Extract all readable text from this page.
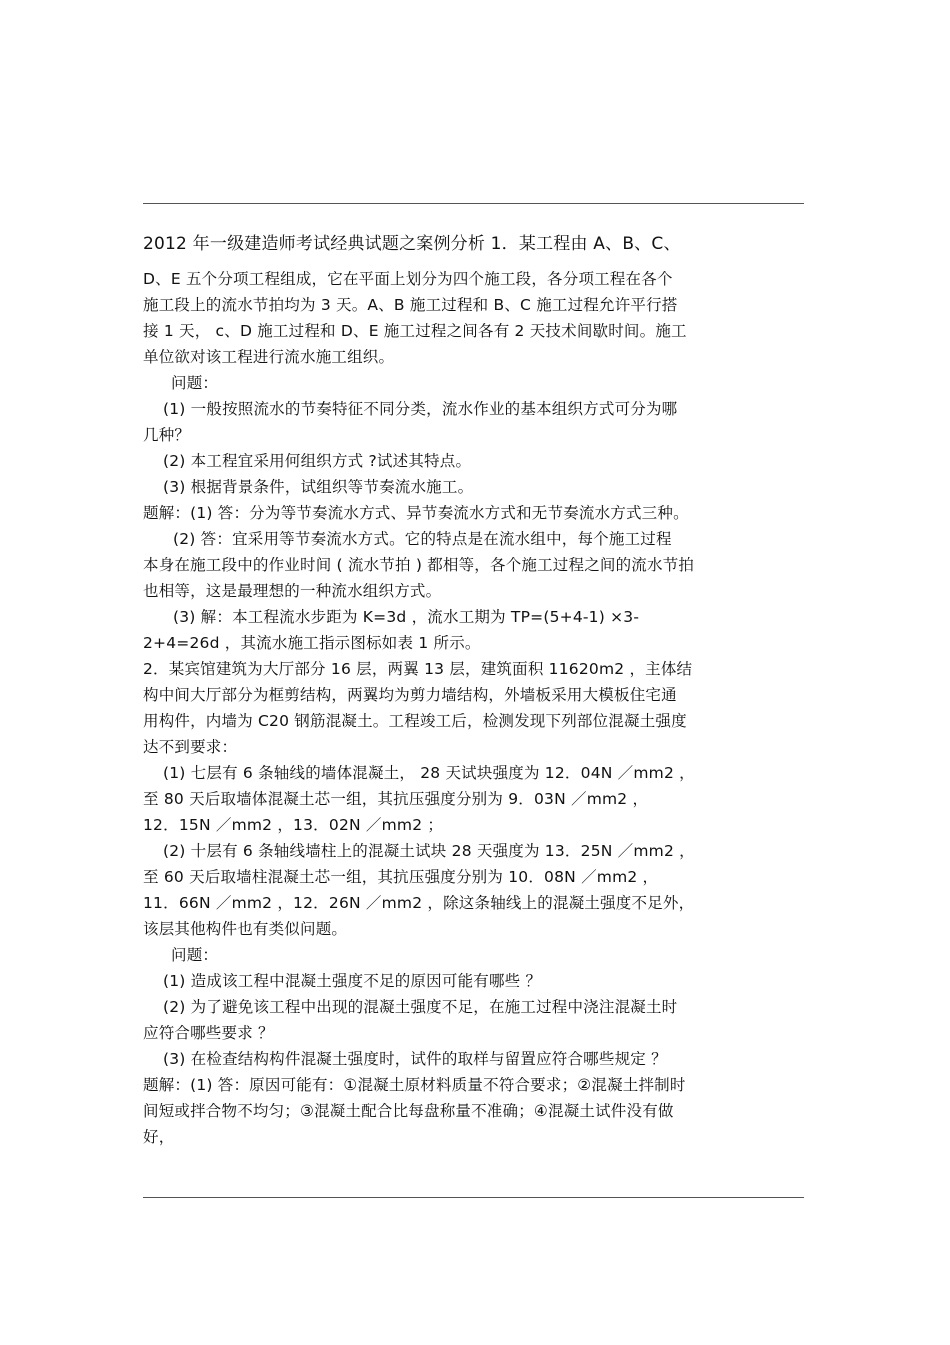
2012 年一级建造师考试经典试题之案例分析 1．某工程由 A、B、C、
D、E 五个分项工程组成，它在平面上划分为四个施工段，各分项工程在各个
施工段上的流水节拍均为 3 天。A、B 施工过程和 B、C 施工过程允许平行搭
接 1 天， c、D 施工过程和 D、E 施工过程之间各有 2 天技术间歇时间。施工
单位欲对该工程进行流水施工组织。
问题：
(1) 一般按照流水的节奏特征不同分类，流水作业的基本组织方式可分为哪
几种？
(2) 本工程宜采用何组织方式 ?试述其特点。
(3) 根据背景条件，试组织等节奏流水施工。
题解：(1) 答：分为等节奏流水方式、异节奏流水方式和无节奏流水方式三种。
(2) 答：宜采用等节奏流水方式。它的特点是在流水组中，每个施工过程
本身在施工段中的作业时间 ( 流水节拍 ) 都相等，各个施工过程之间的流水节拍
也相等，这是最理想的一种流水组织方式。
(3) 解：本工程流水步距为 K=3d ，流水工期为 TP=(5+4-1) ×3-
2+4=26d ，其流水施工指示图标如表 1 所示。
2．某宾馆建筑为大厅部分 16 层，两翼 13 层，建筑面积 11620m2 ，主体结
构中间大厅部分为框剪结构，两翼均为剪力墙结构，外墙板采用大模板住宅通
用构件，内墙为 C20 钢筋混凝土。工程竣工后，检测发现下列部位混凝土强度
达不到要求：
(1) 七层有 6 条轴线的墙体混凝土， 28 天试块强度为 12．04N ／mm2 ，
至 80 天后取墙体混凝土芯一组，其抗压强度分别为 9．03N ／mm2 ，
12．15N ／mm2 ，13．02N ／mm2 ；
(2) 十层有 6 条轴线墙柱上的混凝土试块 28 天强度为 13．25N ／mm2 ，
至 60 天后取墙柱混凝土芯一组，其抗压强度分别为 10．08N ／mm2 ，
11．66N ／mm2 ，12．26N ／mm2 ，除这条轴线上的混凝土强度不足外，
该层其他构件也有类似问题。
问题：
(1) 造成该工程中混凝土强度不足的原因可能有哪些 ？
(2) 为了避免该工程中出现的混凝土强度不足，在施工过程中浇注混凝土时
应符合哪些要求 ？
(3) 在检查结构构件混凝土强度时，试件的取样与留置应符合哪些规定 ？
题解：(1) 答：原因可能有：①混凝土原材料质量不符合要求；②混凝土拌制时
间短或拌合物不均匀；③混凝土配合比每盘称量不准确；④混凝土试件没有做
好，
